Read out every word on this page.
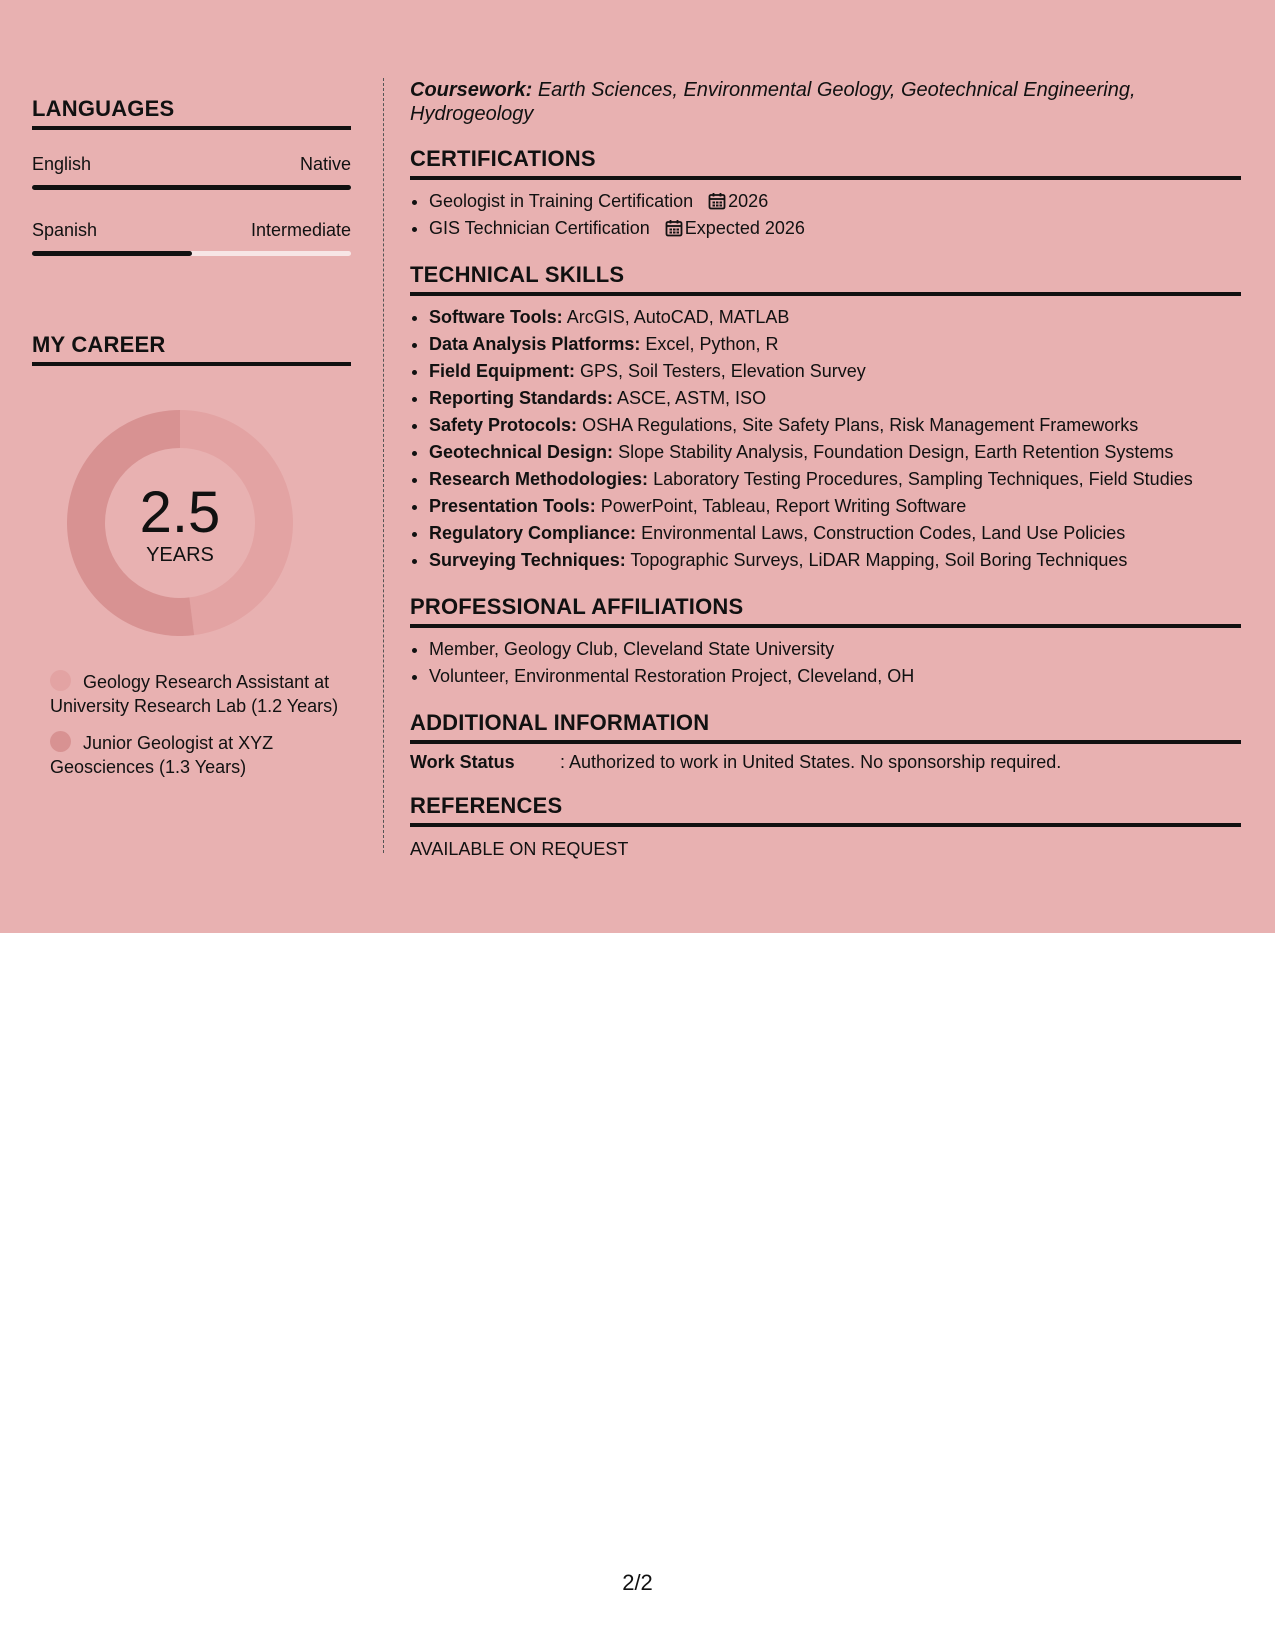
LANGUAGES
English	Native
Spanish	Intermediate
MY CAREER
2.5
YEARS
Geology Research Assistant at University Research Lab (1.2 Years)
Junior Geologist at XYZ Geosciences (1.3 Years)

Coursework: Earth Sciences, Environmental Geology, Geotechnical Engineering, Hydrogeology

CERTIFICATIONS
• Geologist in Training Certification 2026
• GIS Technician Certification Expected 2026
TECHNICAL SKILLS
• Software Tools: ArcGIS, AutoCAD, MATLAB
• Data Analysis Platforms: Excel, Python, R
• Field Equipment: GPS, Soil Testers, Elevation Survey
• Reporting Standards: ASCE, ASTM, ISO
• Safety Protocols: OSHA Regulations, Site Safety Plans, Risk Management Frameworks
• Geotechnical Design: Slope Stability Analysis, Foundation Design, Earth Retention Systems
• Research Methodologies: Laboratory Testing Procedures, Sampling Techniques, Field Studies
• Presentation Tools: PowerPoint, Tableau, Report Writing Software
• Regulatory Compliance: Environmental Laws, Construction Codes, Land Use Policies
• Surveying Techniques: Topographic Surveys, LiDAR Mapping, Soil Boring Techniques
PROFESSIONAL AFFILIATIONS
• Member, Geology Club, Cleveland State University
• Volunteer, Environmental Restoration Project, Cleveland, OH
ADDITIONAL INFORMATION
Work Status	: Authorized to work in United States. No sponsorship required.
REFERENCES
AVAILABLE ON REQUEST
2/2
